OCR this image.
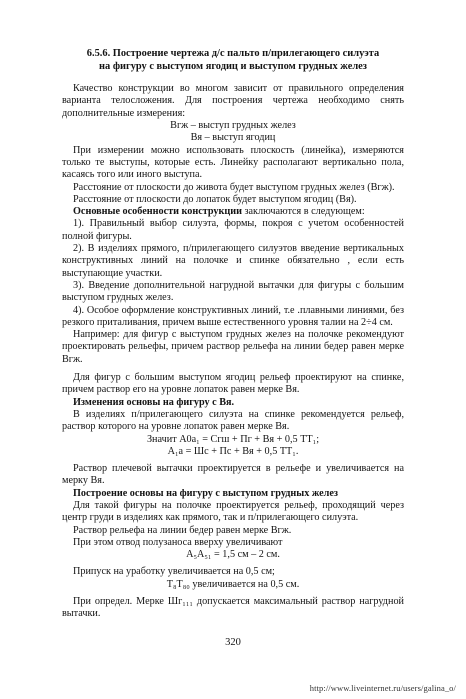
6.5.6. Построение чертежа д/с пальто п/прилегающего силуэта
на фигуру с выступом ягодиц и выступом грудных желез
Качество конструкции во многом зависит от правильного определения варианта телосложения. Для построения чертежа необходимо снять дополнительные измерения:
Вгж – выступ грудных желез
Вя – выступ ягодиц
При измерении можно использовать плоскость (линейка), измеряются только те выступы, которые есть. Линейку располагают вертикально пола, касаясь того или иного выступа.
Расстояние от плоскости до живота будет выступом грудных желез (Вгж).
Расстояние от плоскости до лопаток будет выступом ягодиц (Вя).
Основные особенности конструкции заключаются в следующем:
1). Правильный выбор силуэта, формы, покроя с учетом особенностей полной фигуры.
2). В изделиях прямого, п/прилегающего силуэтов введение вертикальных конструктивных линий на полочке и спинке обязательно , если есть выступающие участки.
3). Введение дополнительной нагрудной вытачки для фигуры с большим выступом грудных желез.
4). Особое оформление конструктивных линий, т.е .плавными линиями, без резкого приталивания, причем выше естественного уровня талии на 2÷4 см.
Например: для фигур с выступом грудных желез на полочке рекомендуют проектировать рельефы, причем раствор рельефа на линии бедер равен мерке Вгж.
Для фигур с большим выступом ягодиц рельеф проектируют на спинке, причем раствор его на уровне лопаток равен мерке Вя.
Изменения основы на фигуру с Вя.
В изделиях п/прилегающего силуэта на спинке рекомендуется рельеф, раствор которого на уровне лопаток равен мерке Вя.
Значит А0а₁ = Сгш + Пг + Вя + 0,5 ТТ₁;
А₁а = Шс + Пс + Вя + 0,5 ТТ₁.
Раствор плечевой вытачки проектируется в рельефе и увеличивается на мерку Вя.
Построение основы на фигуру с выступом грудных желез
Для такой фигуры на полочке проектируется рельеф, проходящий через центр груди в изделиях как прямого, так и п/прилегающего силуэта.
Раствор рельефа на линии бедер равен мерке Вгж.
При этом отвод полузаноса вверху увеличивают
А₅А₅₁ = 1,5 см – 2 см.
Припуск на уработку увеличивается на 0,5 см;
Т₈Т₈₀ увеличивается на 0,5 см.
При определ. Мерке Шг₁₁₁ допускается максимальный раствор нагрудной вытачки.
320
http://www.liveinternet.ru/users/galina_o/
